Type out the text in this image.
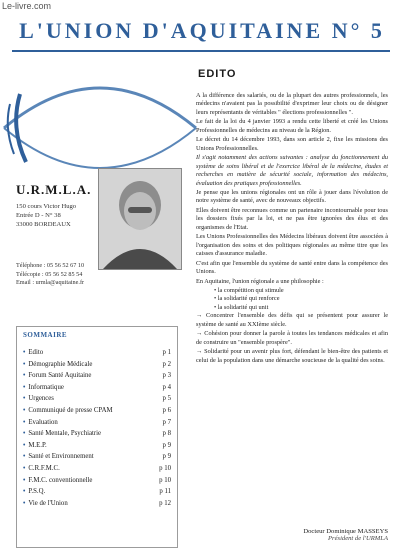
Le-livre.com
L'UNION D'AQUITAINE N° 5
U.R.M.L.A.
150 cours Victor Hugo
Entrée D - N° 38
33000 BORDEAUX
Téléphone : 05 56 52 67 10
Télécopie : 05 56 52 85 54
Email : urmla@aquitaine.fr
SOMMAIRE
• Edito	p 1
• Démographie Médicale	p 2
• Forum Santé Aquitaine	p 3
• Informatique	p 4
• Urgences	p 5
• Communiqué de presse CPAM	p 6
• Evaluation	p 7
• Santé Mentale, Psychiatrie	p 8
• M.E.P.	p 9
• Santé et Environnement	p 9
• C.R.F.M.C.	p 10
• F.M.C. conventionnelle	p 10
• P.S.Q.	p 11
• Vie de l'Union	p 12
EDITO

A la différence des salariés, ou de la plupart des autres professionnels, les médecins n'avaient pas la possibilité d'exprimer leur choix ou de désigner leurs représentants de véritables " élections professionnelles ".

Le fait de la loi du 4 janvier 1993 a rendu cette liberté et créé les Unions Professionnelles de médecins au niveau de la Région.

Le décret du 14 décembre 1993, dans son article 2, fixe les missions des Unions Professionnelles.

Il s'agit notamment des actions suivantes : analyse du fonctionnement du système de soins libéral et de l'exercice libéral de la médecine, études et recherches en matière de sécurité sociale, information des médecins, évaluation des pratiques professionnelles.

Je pense que les unions régionales ont un rôle à jouer dans l'évolution de notre système de santé, avec de nouveaux objectifs.

Elles doivent être reconnues comme un partenaire incontournable pour tous les dossiers fixés par la loi, et ne pas être ignorées des élus et des organismes de l'Etat.

Les Unions Professionnelles des Médecins libéraux doivent être associées à l'organisation des soins et des politiques régionales au même titre que les caisses d'assurance maladie.

C'est afin que l'ensemble du système de santé entre dans la compétence des Unions.

En Aquitaine, l'union régionale a une philosophie :

• la compétition qui stimule
• la solidarité qui renforce
• la solidarité qui unit

→ Concentrer l'ensemble des défis qui se présentent pour assurer le système de santé au XXIème siècle.

→ Cohésion pour donner la parole à toutes les tendances médicales et afin de construire un "ensemble prospère".

→ Solidarité pour un avenir plus fort, défendant le bien-être des patients et celui de la population dans une démarche soucieuse de la qualité des soins.

Docteur Dominique MASSEYS
Président de l'URMLA
